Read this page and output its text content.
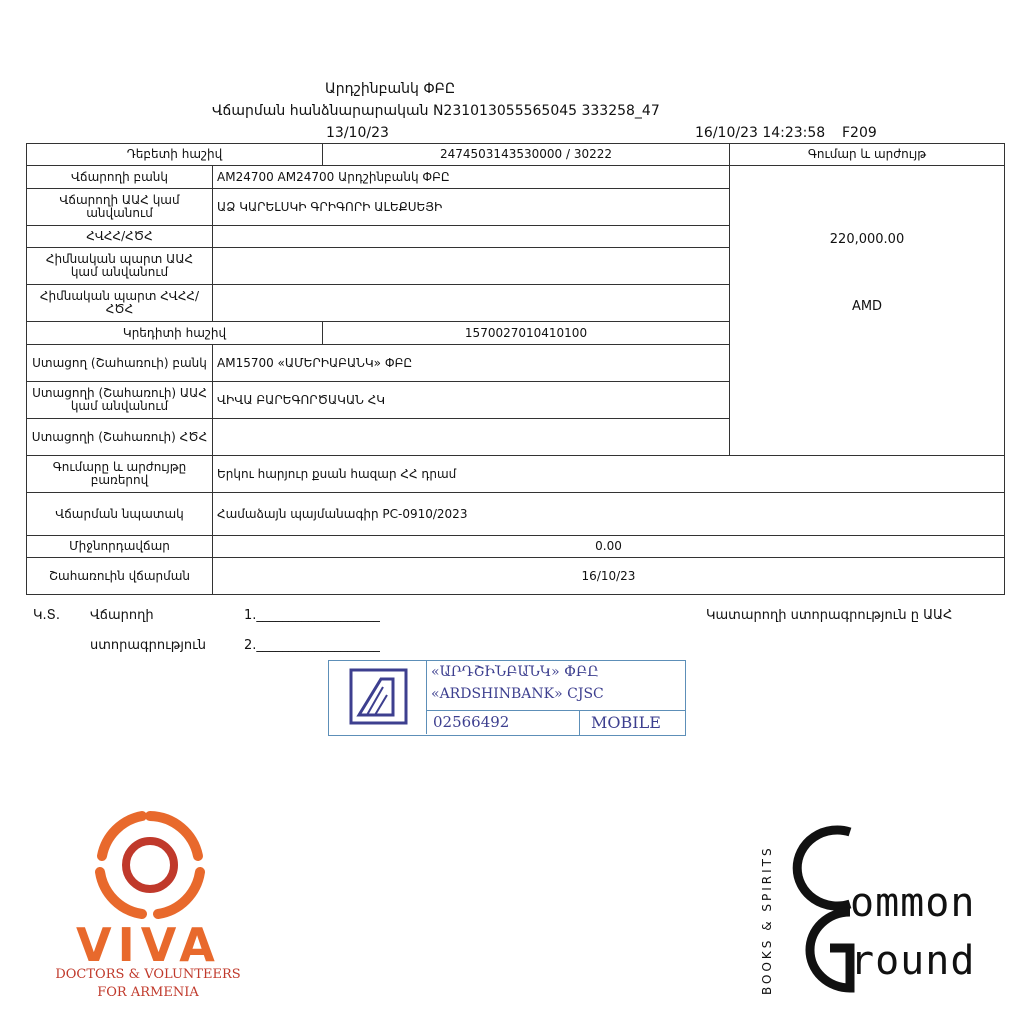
Արդշինբանկ ՓԲԸ
Վճարման հանձնարարական N231013055565045 333258_47
13/10/23	16/10/23 14:23:58 F209
Դեբետի հաշիվ	2474503143530000 / 30222	Գումար և արժույթ
Վճարողի բանկ	AM24700 AM24700 Արդշինբանկ ՓԲԸ
Վճարողի ԱԱՀ կամ անվանում	ԱՁ ԿԱՐԵԼՍԿԻ ԳՐԻԳՈՐԻ ԱԼԵՔՍԵՅԻ
ՀՎՀՀ/ՀԾՀ
Հիմնական պարտ ԱԱՀ կամ անվանում
Հիմնական պարտ ՀՎՀՀ/ՀԾՀ
220,000.00
AMD
Կրեդիտի հաշիվ	1570027010410100
Ստացող (Շահառուի) բանկ AM15700 «ԱՄԵՐԻԱԲԱՆԿ» ՓԲԸ
Ստացողի (Շահառուի) ԱԱՀ կամ անվանում	ՎԻՎԱ ԲԱՐԵԳՈՐԾԱԿԱՆ ՀԿ
Ստացողի (Շահառուի) ՀԾՀ
Գումարը և արժույթը բառերով	Երկու հարյուր քսան հազար ՀՀ դրամ
Վճարման նպատակ	Համաձայն պայմանագիր PC-0910/2023
Միջնորդավճար	0.00
Շահառուին վճարման	16/10/23
Կ.Տ. Վճարողի
ստորագրություն
1.___________________
2.___________________
Կատարողի ստորագրություն ը ԱԱՀ
«ԱՐԴՇԻՆԲԱՆԿ» ՓԲԸ
«ARDSHINBANK» CJSC
02566492	MOBILE
VIVA
DOCTORS & VOLUNTEERS
FOR ARMENIA	BOOKS & SPIRITS ommon
round
